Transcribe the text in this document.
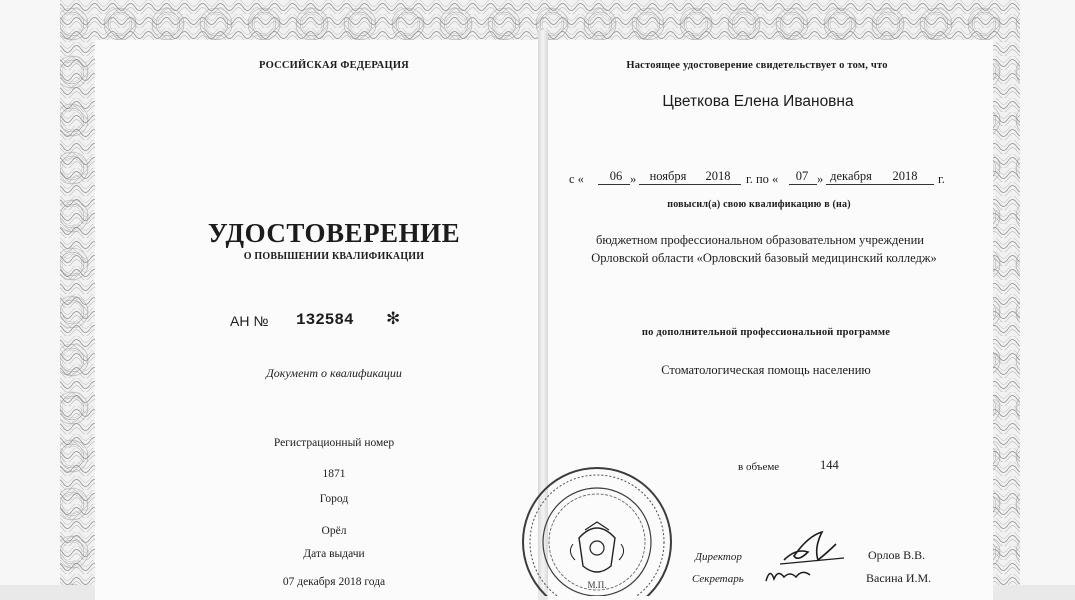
РОССИЙСКАЯ ФЕДЕРАЦИЯ
УДОСТОВЕРЕНИЕ
О ПОВЫШЕНИИ КВАЛИФИКАЦИИ
АН № 132584 ✻
Документ о квалификации
Регистрационный номер
1871
Город
Орёл
Дата выдачи
07 декабря 2018 года
Настоящее удостоверение свидетельствует о том, что
Цветкова Елена Ивановна
с « 06 » ноября 2018 г. по « 07 » декабря 2018 г.
повысил(а) свою квалификацию в (на)
бюджетном профессиональном образовательном учреждении
Орловской области «Орловский базовый медицинский колледж»
по дополнительной профессиональной программе
Стоматологическая помощь населению
в объеме	144
М.П.
Директор	Орлов В.В.
Секретарь	Васина И.М.
